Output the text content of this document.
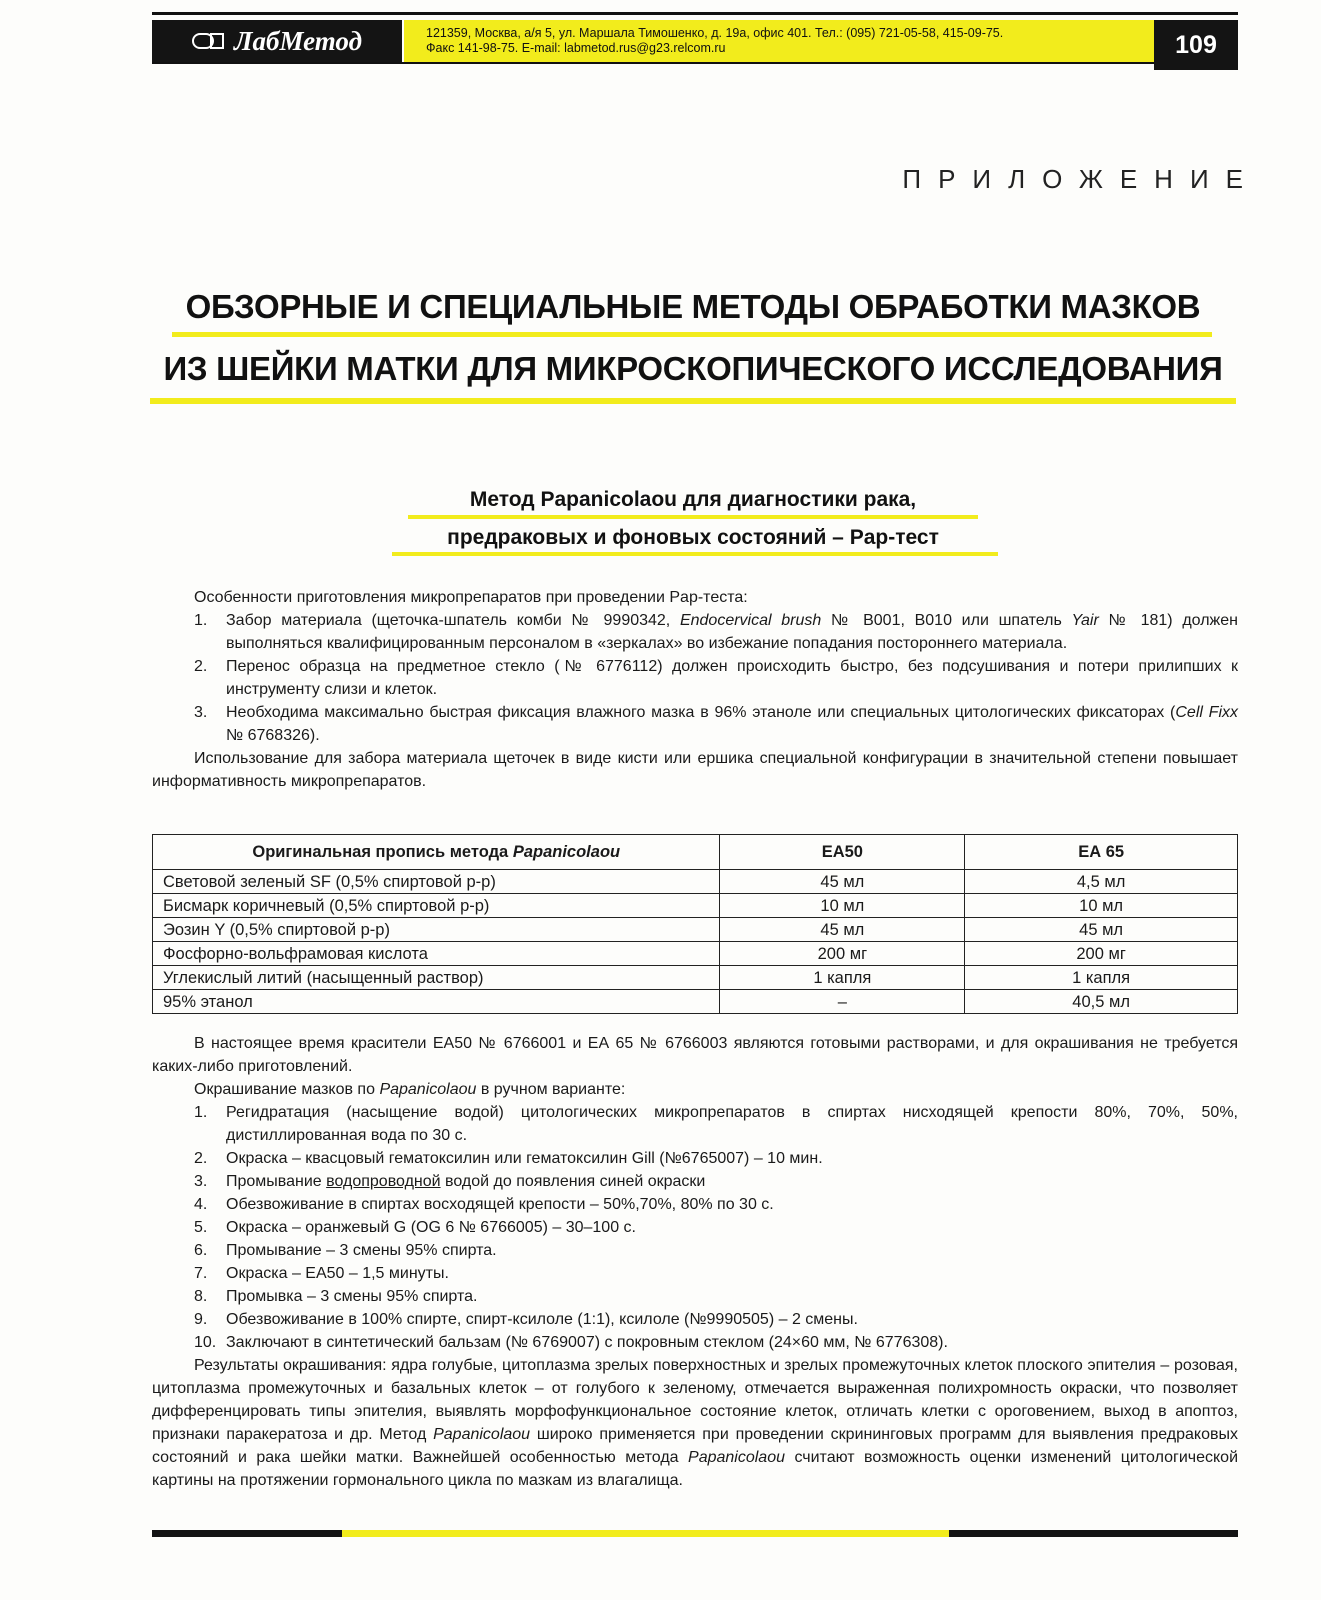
ЛабМетод	121359, Москва, а/я 5, ул. Маршала Тимошенко, д. 19а, офис 401. Тел.: (095) 721-05-58, 415-09-75.
Факс 141-98-75. E-mail: labmetod.rus@g23.relcom.ru	109
ПРИЛОЖЕНИЕ
ОБЗОРНЫЕ И СПЕЦИАЛЬНЫЕ МЕТОДЫ ОБРАБОТКИ МАЗКОВ
ИЗ ШЕЙКИ МАТКИ ДЛЯ МИКРОСКОПИЧЕСКОГО ИССЛЕДОВАНИЯ
Метод Papanicolaou для диагностики рака,
предраковых и фоновых состояний – Pap-тест

Особенности приготовления микропрепаратов при проведении Pap-теста:

1. Забор материала (щеточка-шпатель комби № 9990342, Endocervical brush № В001, В010 или шпатель Yair № 181) должен выполняться квалифицированным персоналом в «зеркалах» во избежание попадания постороннего материала.
2. Перенос образца на предметное стекло (№ 6776112) должен происходить быстро, без подсушивания и потери прилипших к инструменту слизи и клеток.
3. Необходима максимально быстрая фиксация влажного мазка в 96% этаноле или специальных цитологических фиксаторах (Cell Fixx № 6768326).

Использование для забора материала щеточек в виде кисти или ершика специальной конфигурации в значительной степени повышает информативность микропрепаратов.

Оригинальная пропись метода Papanicolaou	ЕА50	ЕА 65
Световой зеленый SF (0,5% спиртовой р-р)	45 мл	4,5 мл
Бисмарк коричневый (0,5% спиртовой р-р)	10 мл	10 мл
Эозин Y (0,5% спиртовой р-р)	45 мл	45 мл
Фосфорно-вольфрамовая кислота	200 мг	200 мг
Углекислый литий (насыщенный раствор)	1 капля	1 капля
95% этанол	–	40,5 мл

В настоящее время красители ЕА50 № 6766001 и ЕА 65 № 6766003 являются готовыми растворами, и для окрашивания не требуется каких-либо приготовлений.

Окрашивание мазков по Papanicolaou в ручном варианте:

1. Регидратация (насыщение водой) цитологических микропрепаратов в спиртах нисходящей крепости 80%, 70%, 50%, дистиллированная вода по 30 с.
2. Окраска – квасцовый гематоксилин или гематоксилин Gill (№6765007) – 10 мин.
3. Промывание водопроводной водой до появления синей окраски
4. Обезвоживание в спиртах восходящей крепости – 50%,70%, 80% по 30 с.
5. Окраска – оранжевый G (OG 6 № 6766005) – 30–100 с.
6. Промывание – 3 смены 95% спирта.
7. Окраска – ЕА50 – 1,5 минуты.
8. Промывка – 3 смены 95% спирта.
9. Обезвоживание в 100% спирте, спирт-ксилоле (1:1), ксилоле (№9990505) – 2 смены.
10. Заключают в синтетический бальзам (№ 6769007) с покровным стеклом (24×60 мм, № 6776308).

Результаты окрашивания: ядра голубые, цитоплазма зрелых поверхностных и зрелых промежуточных клеток плоского эпителия – розовая, цитоплазма промежуточных и базальных клеток – от голубого к зеленому, отмечается выраженная полихромность окраски, что позволяет дифференцировать типы эпителия, выявлять морфофункциональное состояние клеток, отличать клетки с ороговением, выход в апоптоз, признаки паракератоза и др. Метод Papanicolaou широко применяется при проведении скрининговых программ для выявления предраковых состояний и рака шейки матки. Важнейшей особенностью метода Papanicolaou считают возможность оценки изменений цитологической картины на протяжении гормонального цикла по мазкам из влагалища.
